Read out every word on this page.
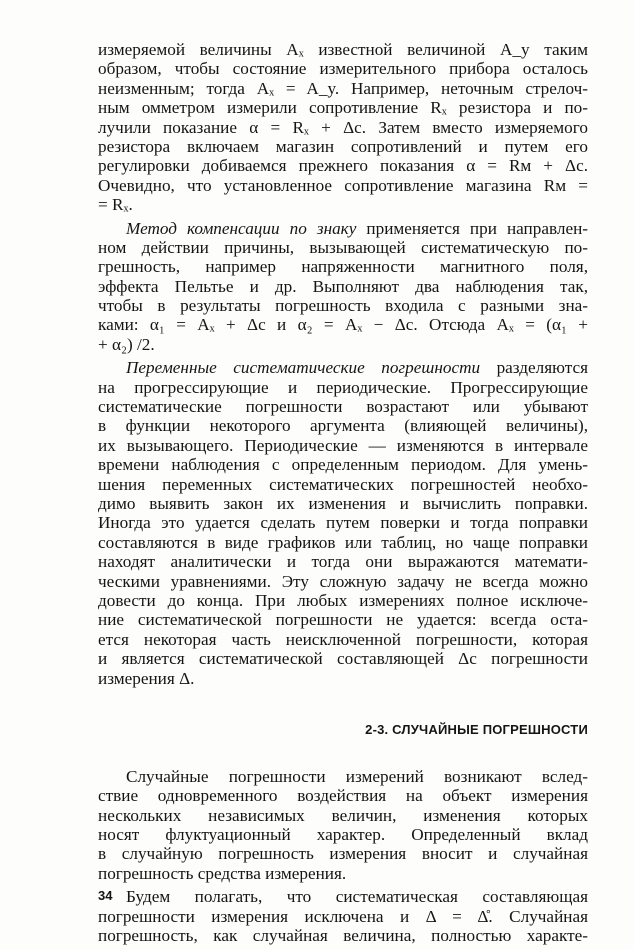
измеряемой величины Aₓ известной величиной A_y таким
образом, чтобы состояние измерительного прибора осталось
неизменным; тогда Aₓ = A_y. Например, неточным стрелоч-
ным омметром измерили сопротивление Rₓ резистора и по-
лучили показание α = Rₓ + Δc. Затем вместо измеряемого
резистора включаем магазин сопротивлений и путем его
регулировки добиваемся прежнего показания α = Rм + Δc.
Очевидно, что установленное сопротивление магазина Rм =
= Rₓ.
Метод компенсации по знаку применяется при направлен-
ном действии причины, вызывающей систематическую по-
грешность, например напряженности магнитного поля,
эффекта Пельтье и др. Выполняют два наблюдения так,
чтобы в результаты погрешность входила с разными зна-
ками: α₁ = Aₓ + Δc и α₂ = Aₓ − Δc. Отсюда Aₓ = (α₁ +
+ α₂) /2.
Переменные систематические погрешности разделяются
на прогрессирующие и периодические. Прогрессирующие
систематические погрешности возрастают или убывают
в функции некоторого аргумента (влияющей величины),
их вызывающего. Периодические — изменяются в интервале
времени наблюдения с определенным периодом. Для умень-
шения переменных систематических погрешностей необхо-
димо выявить закон их изменения и вычислить поправки.
Иногда это удается сделать путем поверки и тогда поправки
составляются в виде графиков или таблиц, но чаще поправки
находят аналитически и тогда они выражаются математи-
ческими уравнениями. Эту сложную задачу не всегда можно
довести до конца. При любых измерениях полное исключе-
ние систематической погрешности не удается: всегда оста-
ется некоторая часть неисключенной погрешности, которая
и является систематической составляющей Δc погрешности
измерения Δ.
2-3. СЛУЧАЙНЫЕ ПОГРЕШНОСТИ
Случайные погрешности измерений возникают вслед-
ствие одновременного воздействия на объект измерения
нескольких независимых величин, изменения которых
носят флуктуационный характер. Определенный вклад
в случайную погрешность измерения вносит и случайная
погрешность средства измерения.
Будем полагать, что систематическая составляющая
погрешности измерения исключена и Δ = Δ̊. Случайная
погрешность, как случайная величина, полностью характе-
34
